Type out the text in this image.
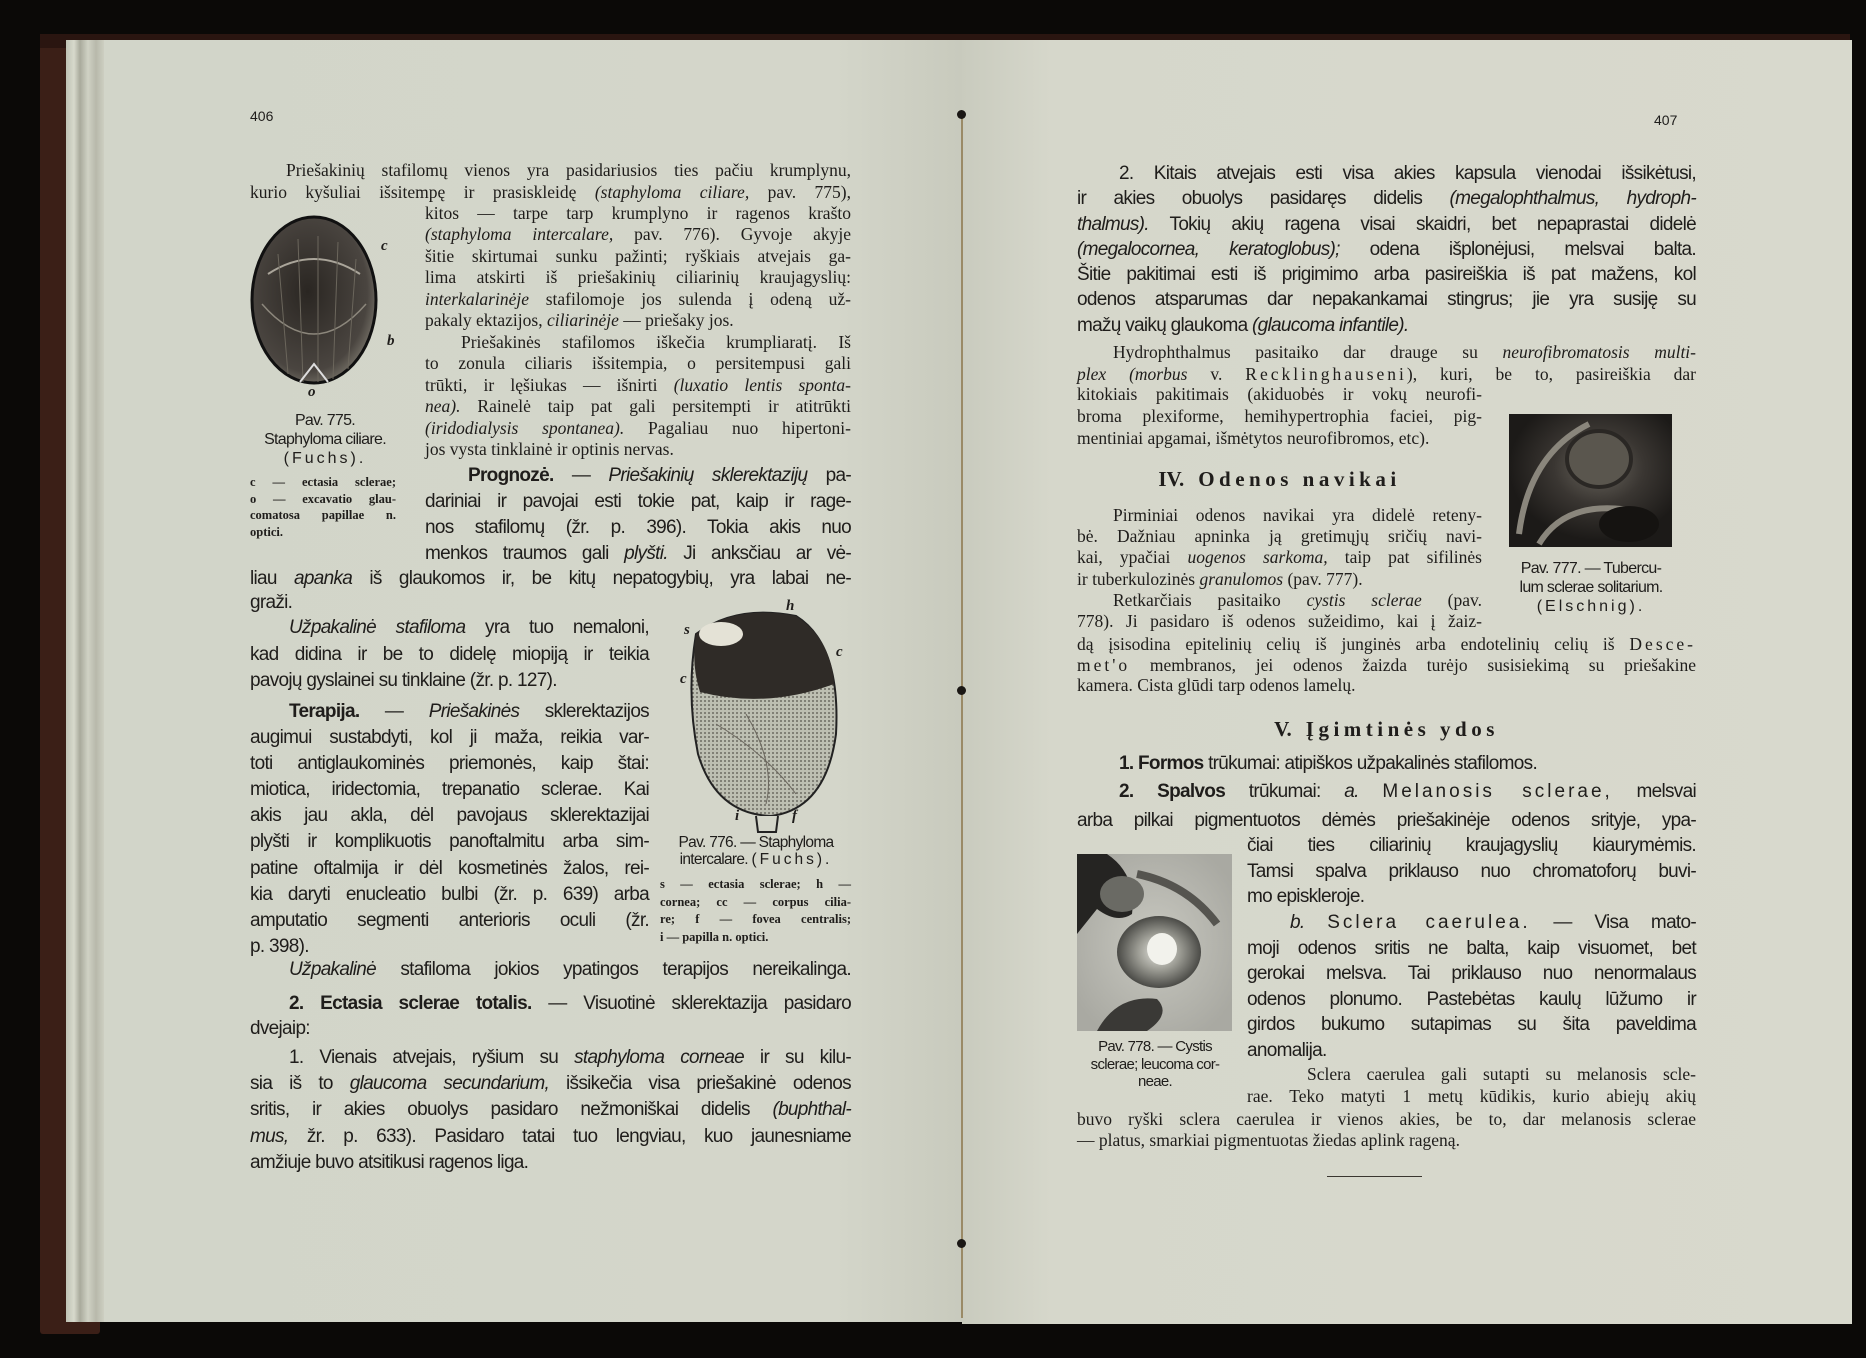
406
Priešakinių stafilomų vienos yra pasidariusios ties pačiu krumplynu,
kurio kyšuliai išsitempę ir prasiskleidę (staphyloma ciliare, pav. 775),
kitos — tarpe tarp krumplyno ir ragenos krašto
(staphyloma intercalare, pav. 776). Gyvoje akyje
šitie skirtumai sunku pažinti; ryškiais atvejais ga-
lima atskirti iš priešakinių ciliarinių kraujagyslių:
interkalarinėje stafilomoje jos sulenda į odeną už-
pakaly ektazijos, ciliarinėje — priešaky jos.
Priešakinės stafilomos iškečia krumpliaratį. Iš
to zonula ciliaris išsitempia, o persitempusi gali
trūkti, ir lęšiukas — išnirti (luxatio lentis sponta-
nea). Rainelė taip pat gali persitempti ir atitrūkti
(iridodialysis spontanea). Pagaliau nuo hipertoni-
jos vysta tinklainė ir optinis nervas.
c
b
o
Pav. 775.
Staphyloma ciliare.
(Fuchs).
c — ectasia sclerae;
o — excavatio glau-
comatosa papillae n.
optici.
Prognozė. — Priešakinių sklerektazijų pa-
dariniai ir pavojai esti tokie pat, kaip ir rage-
nos stafilomų (žr. p. 396). Tokia akis nuo
menkos traumos gali plyšti. Ji anksčiau ar vė-
liau apanka iš glaukomos ir, be kitų nepatogybių, yra labai ne-
graži.
Užpakalinė stafiloma yra tuo nemaloni,
kad didina ir be to didelę miopiją ir teikia
pavojų gyslainei su tinklaine (žr. p. 127).
h
s
c
c
i	f
Pav. 776. — Staphyloma
intercalare. (Fuchs).
s — ectasia sclerae; h —
cornea; cc — corpus cilia-
re; f — fovea centralis;
i — papilla n. optici.
Terapija. — Priešakinės sklerektazijos
augimui sustabdyti, kol ji maža, reikia var-
toti antiglaukominės priemonės, kaip štai:
miotica, iridectomia, trepanatio sclerae. Kai
akis jau akla, dėl pavojaus sklerektazijai
plyšti ir komplikuotis panoftalmitu arba sim-
patine oftalmija ir dėl kosmetinės žalos, rei-
kia daryti enucleatio bulbi (žr. p. 639) arba
amputatio segmenti anterioris oculi (žr.
p. 398).
Užpakalinė stafiloma jokios ypatingos terapijos nereikalinga.
2. Ectasia sclerae totalis. — Visuotinė sklerektazija pasidaro
dvejaip:
1. Vienais atvejais, ryšium su staphyloma corneae ir su kilu-
sia iš to glaucoma secundarium, išsikečia visa priešakinė odenos
sritis, ir akies obuolys pasidaro nežmoniškai didelis (buphthal-
mus, žr. p. 633). Pasidaro tatai tuo lengviau, kuo jaunesniame
amžiuje buvo atsitikusi ragenos liga.
407
2. Kitais atvejais esti visa akies kapsula vienodai išsikėtusi,
ir akies obuolys pasidaręs didelis (megalophthalmus, hydroph-
thalmus). Tokių akių ragena visai skaidri, bet nepaprastai didelė
(megalocornea, keratoglobus); odena išplonėjusi, melsvai balta.
Šitie pakitimai esti iš prigimimo arba pasireiškia iš pat mažens, kol
odenos atsparumas dar nepakankamai stingrus; jie yra susiję su
mažų vaikų glaukoma (glaucoma infantile).
Hydrophthalmus pasitaiko dar drauge su neurofibromatosis multi-
plex (morbus v. Recklinghauseni), kuri, be to, pasireiškia dar
kitokiais pakitimais (akiduobės ir vokų neurofi-
broma plexiforme, hemihypertrophia faciei, pig-
mentiniai apgamai, išmėtytos neurofibromos, etc).
Pav. 777. — Tubercu-
lum sclerae solitarium.
(Elschnig).
IV. Odenos navikai
Pirminiai odenos navikai yra didelė reteny-
bė. Dažniau apninka ją gretimųjų sričių navi-
kai, ypačiai uogenos sarkoma, taip pat sifilinės
ir tuberkulozinės granulomos (pav. 777).
Retkarčiais pasitaiko cystis sclerae (pav.
778). Ji pasidaro iš odenos sužeidimo, kai į žaiz-
dą įsisodina epitelinių celių iš junginės arba endotelinių celių iš Desce-
met'o membranos, jei odenos žaizda turėjo susisiekimą su priešakine
kamera. Cista glūdi tarp odenos lamelų.
V. Įgimtinės ydos
1. Formos trūkumai: atipiškos užpakalinės stafilomos.
2. Spalvos trūkumai: a. Melanosis sclerae, melsvai
arba pilkai pigmentuotos dėmės priešakinėje odenos srityje, ypa-
Pav. 778. — Cystis
sclerae; leucoma cor-
neae.
čiai ties ciliarinių kraujagyslių kiaurymėmis.
Tamsi spalva priklauso nuo chromatoforų buvi-
mo episkleroje.
b. Sclera caerulea. — Visa mato-
moji odenos sritis ne balta, kaip visuomet, bet
gerokai melsva. Tai priklauso nuo nenormalaus
odenos plonumo. Pastebėtas kaulų lūžumo ir
girdos bukumo sutapimas su šita paveldima
anomalija.
Sclera caerulea gali sutapti su melanosis scle-
rae. Teko matyti 1 metų kūdikis, kurio abiejų akių
buvo ryški sclera caerulea ir vienos akies, be to, dar melanosis sclerae
— platus, smarkiai pigmentuotas žiedas aplink rageną.
